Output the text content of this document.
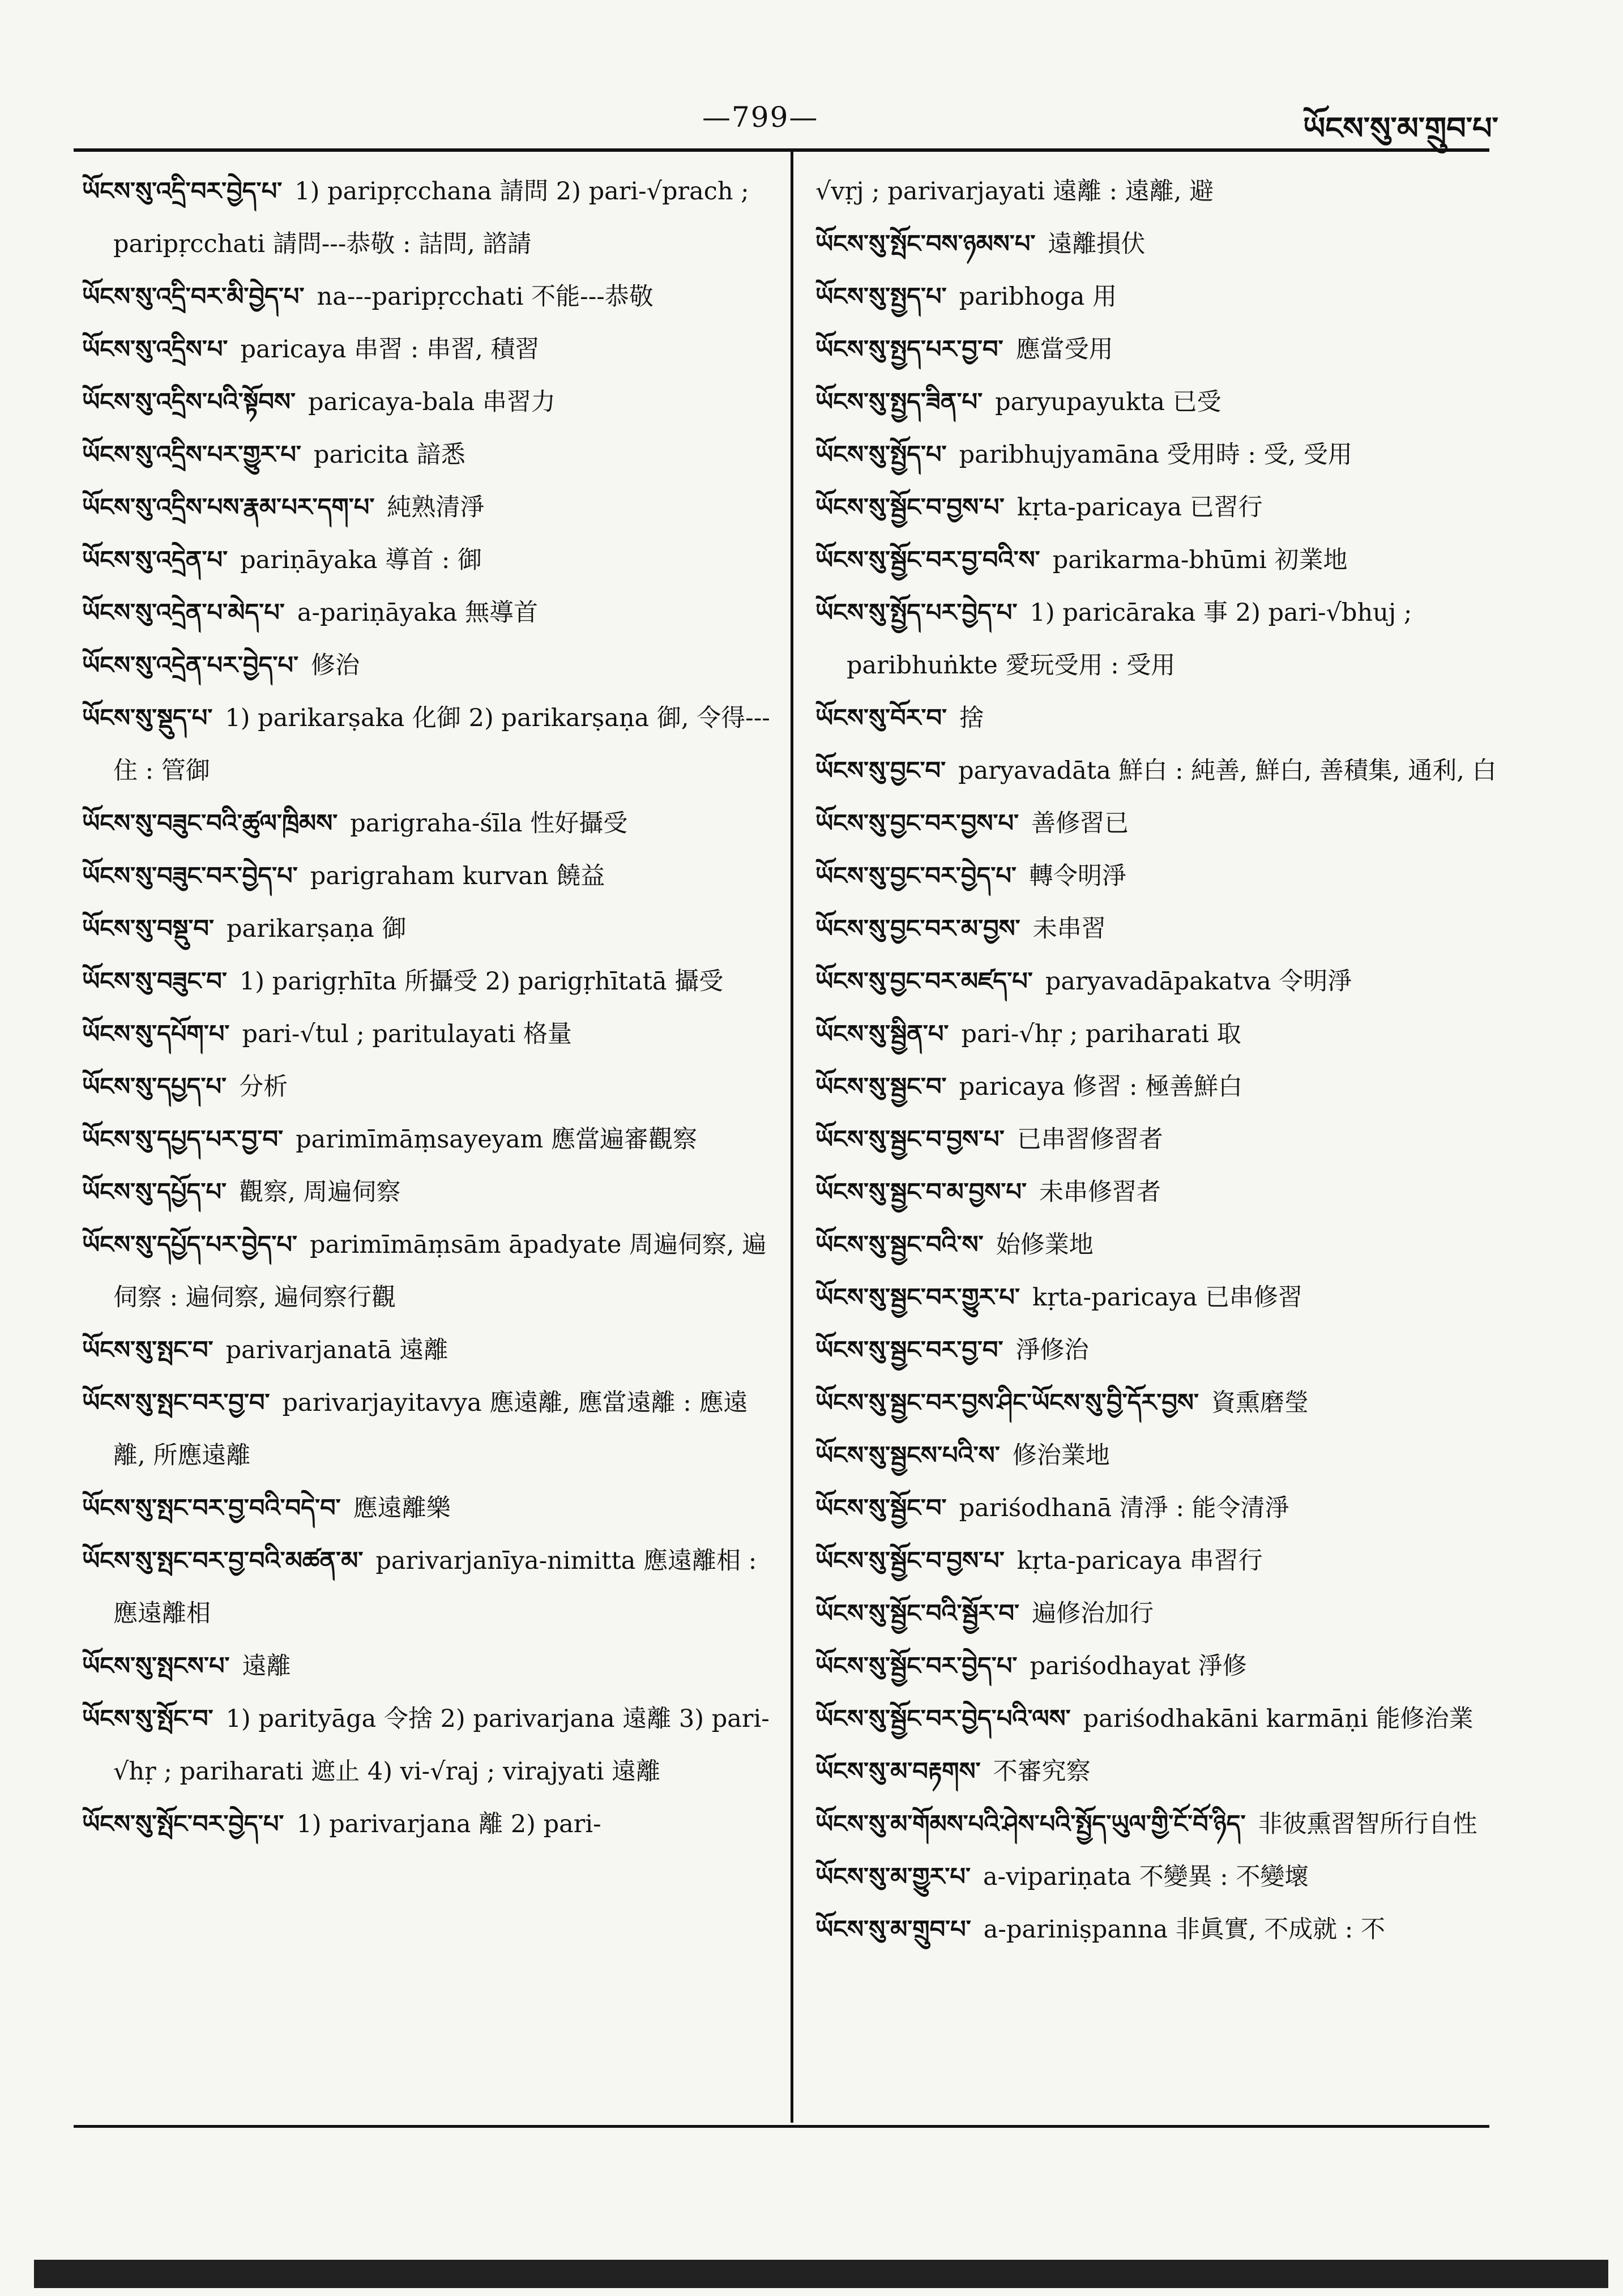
—799—	ཡོངས་སུ་མ་གྲུབ་པ་
ཡོངས་སུ་འདྲི་བར་བྱེད་པ་ 1) paripṛcchana 請問 2) pari-√prach ; paripṛcchati 請問---恭敬 : 詰問, 諮請
ཡོངས་སུ་འདྲི་བར་མི་བྱེད་པ་ na---paripṛcchati 不能---恭敬
ཡོངས་སུ་འདྲིས་པ་ paricaya 串習 : 串習, 積習
ཡོངས་སུ་འདྲིས་པའི་སྟོབས་ paricaya-bala 串習力
ཡོངས་སུ་འདྲིས་པར་གྱུར་པ་ paricita 諳悉
ཡོངས་སུ་འདྲིས་པས་རྣམ་པར་དག་པ་ 純熟清淨
ཡོངས་སུ་འདྲེན་པ་ pariṇāyaka 導首 : 御
ཡོངས་སུ་འདྲེན་པ་མེད་པ་ a-pariṇāyaka 無導首
ཡོངས་སུ་འདྲེན་པར་བྱེད་པ་ 修治
ཡོངས་སུ་སྡུད་པ་ 1) parikarṣaka 化御 2) parikarṣaṇa 御, 令得---住 : 管御
ཡོངས་སུ་བཟུང་བའི་ཚུལ་ཁྲིམས་ parigraha-śīla 性好攝受
ཡོངས་སུ་བཟུང་བར་བྱེད་པ་ parigraham kurvan 饒益
ཡོངས་སུ་བསྡུ་བ་ parikarṣaṇa 御
ཡོངས་སུ་བཟུང་བ་ 1) parigṛhīta 所攝受 2) parigṛhītatā 攝受
ཡོངས་སུ་དཔོག་པ་ pari-√tul ; paritulayati 格量
ཡོངས་སུ་དཔྱད་པ་ 分析
ཡོངས་སུ་དཔྱད་པར་བྱ་བ་ parimīmāṃsayeyam 應當遍審觀察
ཡོངས་སུ་དཔྱོད་པ་ 觀察, 周遍伺察
ཡོངས་སུ་དཔྱོད་པར་བྱེད་པ་ parimīmāṃsām āpadyate 周遍伺察, 遍伺察 : 遍伺察, 遍伺察行觀
ཡོངས་སུ་སྤང་བ་ parivarjanatā 遠離
ཡོངས་སུ་སྤང་བར་བྱ་བ་ parivarjayitavya 應遠離, 應當遠離 : 應遠離, 所應遠離
ཡོངས་སུ་སྤང་བར་བྱ་བའི་བདེ་བ་ 應遠離樂
ཡོངས་སུ་སྤང་བར་བྱ་བའི་མཚན་མ་ parivarjanīya-nimitta 應遠離相 : 應遠離相
ཡོངས་སུ་སྤངས་པ་ 遠離
ཡོངས་སུ་སྤོང་བ་ 1) parityāga 令捨 2) parivarjana 遠離 3) pari-√hṛ ; pariharati 遮止 4) vi-√raj ; virajyati 遠離
ཡོངས་སུ་སྤོང་བར་བྱེད་པ་ 1) parivarjana 離 2) pari-
√vṛj ; parivarjayati 遠離 : 遠離, 避
ཡོངས་སུ་སྤོང་བས་ཉམས་པ་ 遠離損伏
ཡོངས་སུ་སྤྱད་པ་ paribhoga 用
ཡོངས་སུ་སྤྱད་པར་བྱ་བ་ 應當受用
ཡོངས་སུ་སྤྱད་ཟིན་པ་ paryupayukta 已受
ཡོངས་སུ་སྤྱོད་པ་ paribhujyamāna 受用時 : 受, 受用
ཡོངས་སུ་སྦྱོང་བ་བྱས་པ་ kṛta-paricaya 已習行
ཡོངས་སུ་སྦྱོང་བར་བྱ་བའི་ས་ parikarma-bhūmi 初業地
ཡོངས་སུ་སྤྱོད་པར་བྱེད་པ་ 1) paricāraka 事 2) pari-√bhuj ; paribhuṅkte 愛玩受用 : 受用
ཡོངས་སུ་བོར་བ་ 捨
ཡོངས་སུ་བྱང་བ་ paryavadāta 鮮白 : 純善, 鮮白, 善積集, 通利, 白
ཡོངས་སུ་བྱང་བར་བྱས་པ་ 善修習已
ཡོངས་སུ་བྱང་བར་བྱེད་པ་ 轉令明淨
ཡོངས་སུ་བྱང་བར་མ་བྱས་ 未串習
ཡོངས་སུ་བྱང་བར་མཛད་པ་ paryavadāpakatva 令明淨
ཡོངས་སུ་སྦྱིན་པ་ pari-√hṛ ; pariharati 取
ཡོངས་སུ་སྦྱང་བ་ paricaya 修習 : 極善鮮白
ཡོངས་སུ་སྦྱང་བ་བྱས་པ་ 已串習修習者
ཡོངས་སུ་སྦྱང་བ་མ་བྱས་པ་ 未串修習者
ཡོངས་སུ་སྦྱང་བའི་ས་ 始修業地
ཡོངས་སུ་སྦྱང་བར་གྱུར་པ་ kṛta-paricaya 已串修習
ཡོངས་སུ་སྦྱང་བར་བྱ་བ་ 淨修治
ཡོངས་སུ་སྦྱང་བར་བྱས་ཤིང་ཡོངས་སུ་བྱི་དོར་བྱས་ 資熏磨瑩
ཡོངས་སུ་སྦྱངས་པའི་ས་ 修治業地
ཡོངས་སུ་སྦྱོང་བ་ pariśodhanā 清淨 : 能令清淨
ཡོངས་སུ་སྦྱོང་བ་བྱས་པ་ kṛta-paricaya 串習行
ཡོངས་སུ་སྦྱོང་བའི་སྦྱོར་བ་ 遍修治加行
ཡོངས་སུ་སྦྱོང་བར་བྱེད་པ་ pariśodhayat 淨修
ཡོངས་སུ་སྦྱོང་བར་བྱེད་པའི་ལས་ pariśodhakāni karmāṇi 能修治業
ཡོངས་སུ་མ་བརྟགས་ 不審究察
ཡོངས་སུ་མ་གོམས་པའི་ཤེས་པའི་སྤྱོད་ཡུལ་གྱི་ངོ་བོ་ཉིད་ 非彼熏習智所行自性
ཡོངས་སུ་མ་གྱུར་པ་ a-vipariṇata 不變異 : 不變壞
ཡོངས་སུ་མ་གྲུབ་པ་ a-pariniṣpanna 非眞實, 不成就 : 不
